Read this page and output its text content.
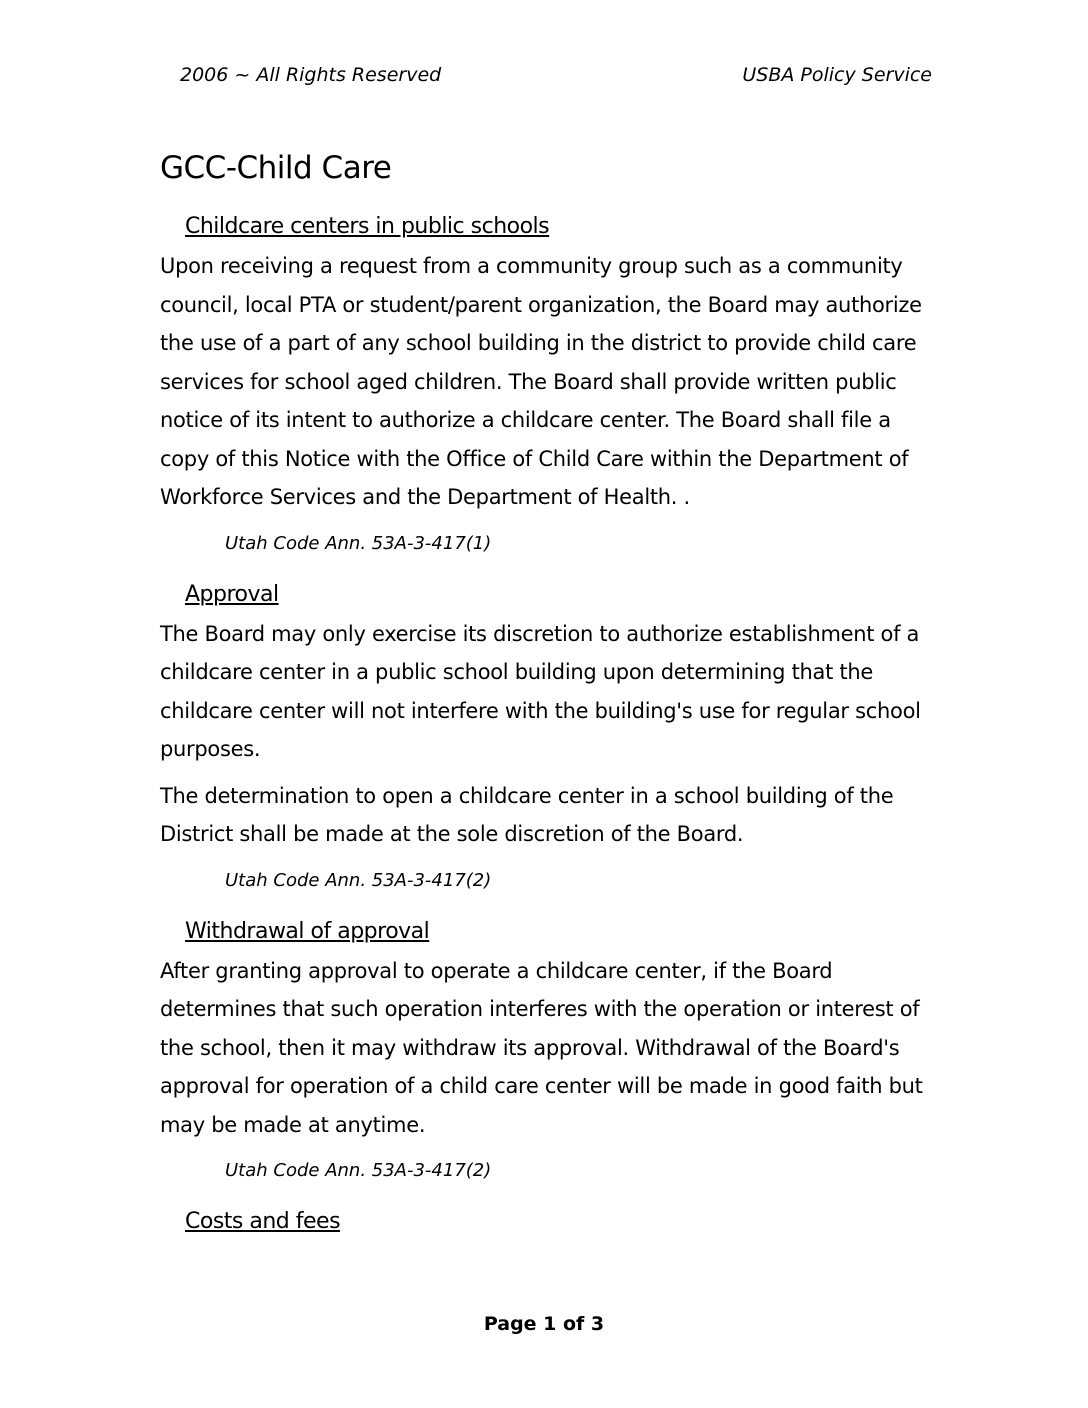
2006 ~ All Rights Reserved	USBA Policy Service
GCC-Child Care
Childcare centers in public schools

Upon receiving a request from a community group such as a community council, local PTA or student/parent organization, the Board may authorize the use of a part of any school building in the district to provide child care services for school aged children. The Board shall provide written public notice of its intent to authorize a childcare center. The Board shall file a copy of this Notice with the Office of Child Care within the Department of Workforce Services and the Department of Health. .

Utah Code Ann. 53A-3-417(1)
Approval

The Board may only exercise its discretion to authorize establishment of a childcare center in a public school building upon determining that the childcare center will not interfere with the building's use for regular school purposes.

The determination to open a childcare center in a school building of the District shall be made at the sole discretion of the Board.

Utah Code Ann. 53A-3-417(2)
Withdrawal of approval

After granting approval to operate a childcare center, if the Board determines that such operation interferes with the operation or interest of the school, then it may withdraw its approval. Withdrawal of the Board's approval for operation of a child care center will be made in good faith but may be made at anytime.

Utah Code Ann. 53A-3-417(2)
Costs and fees
Page 1 of 3
